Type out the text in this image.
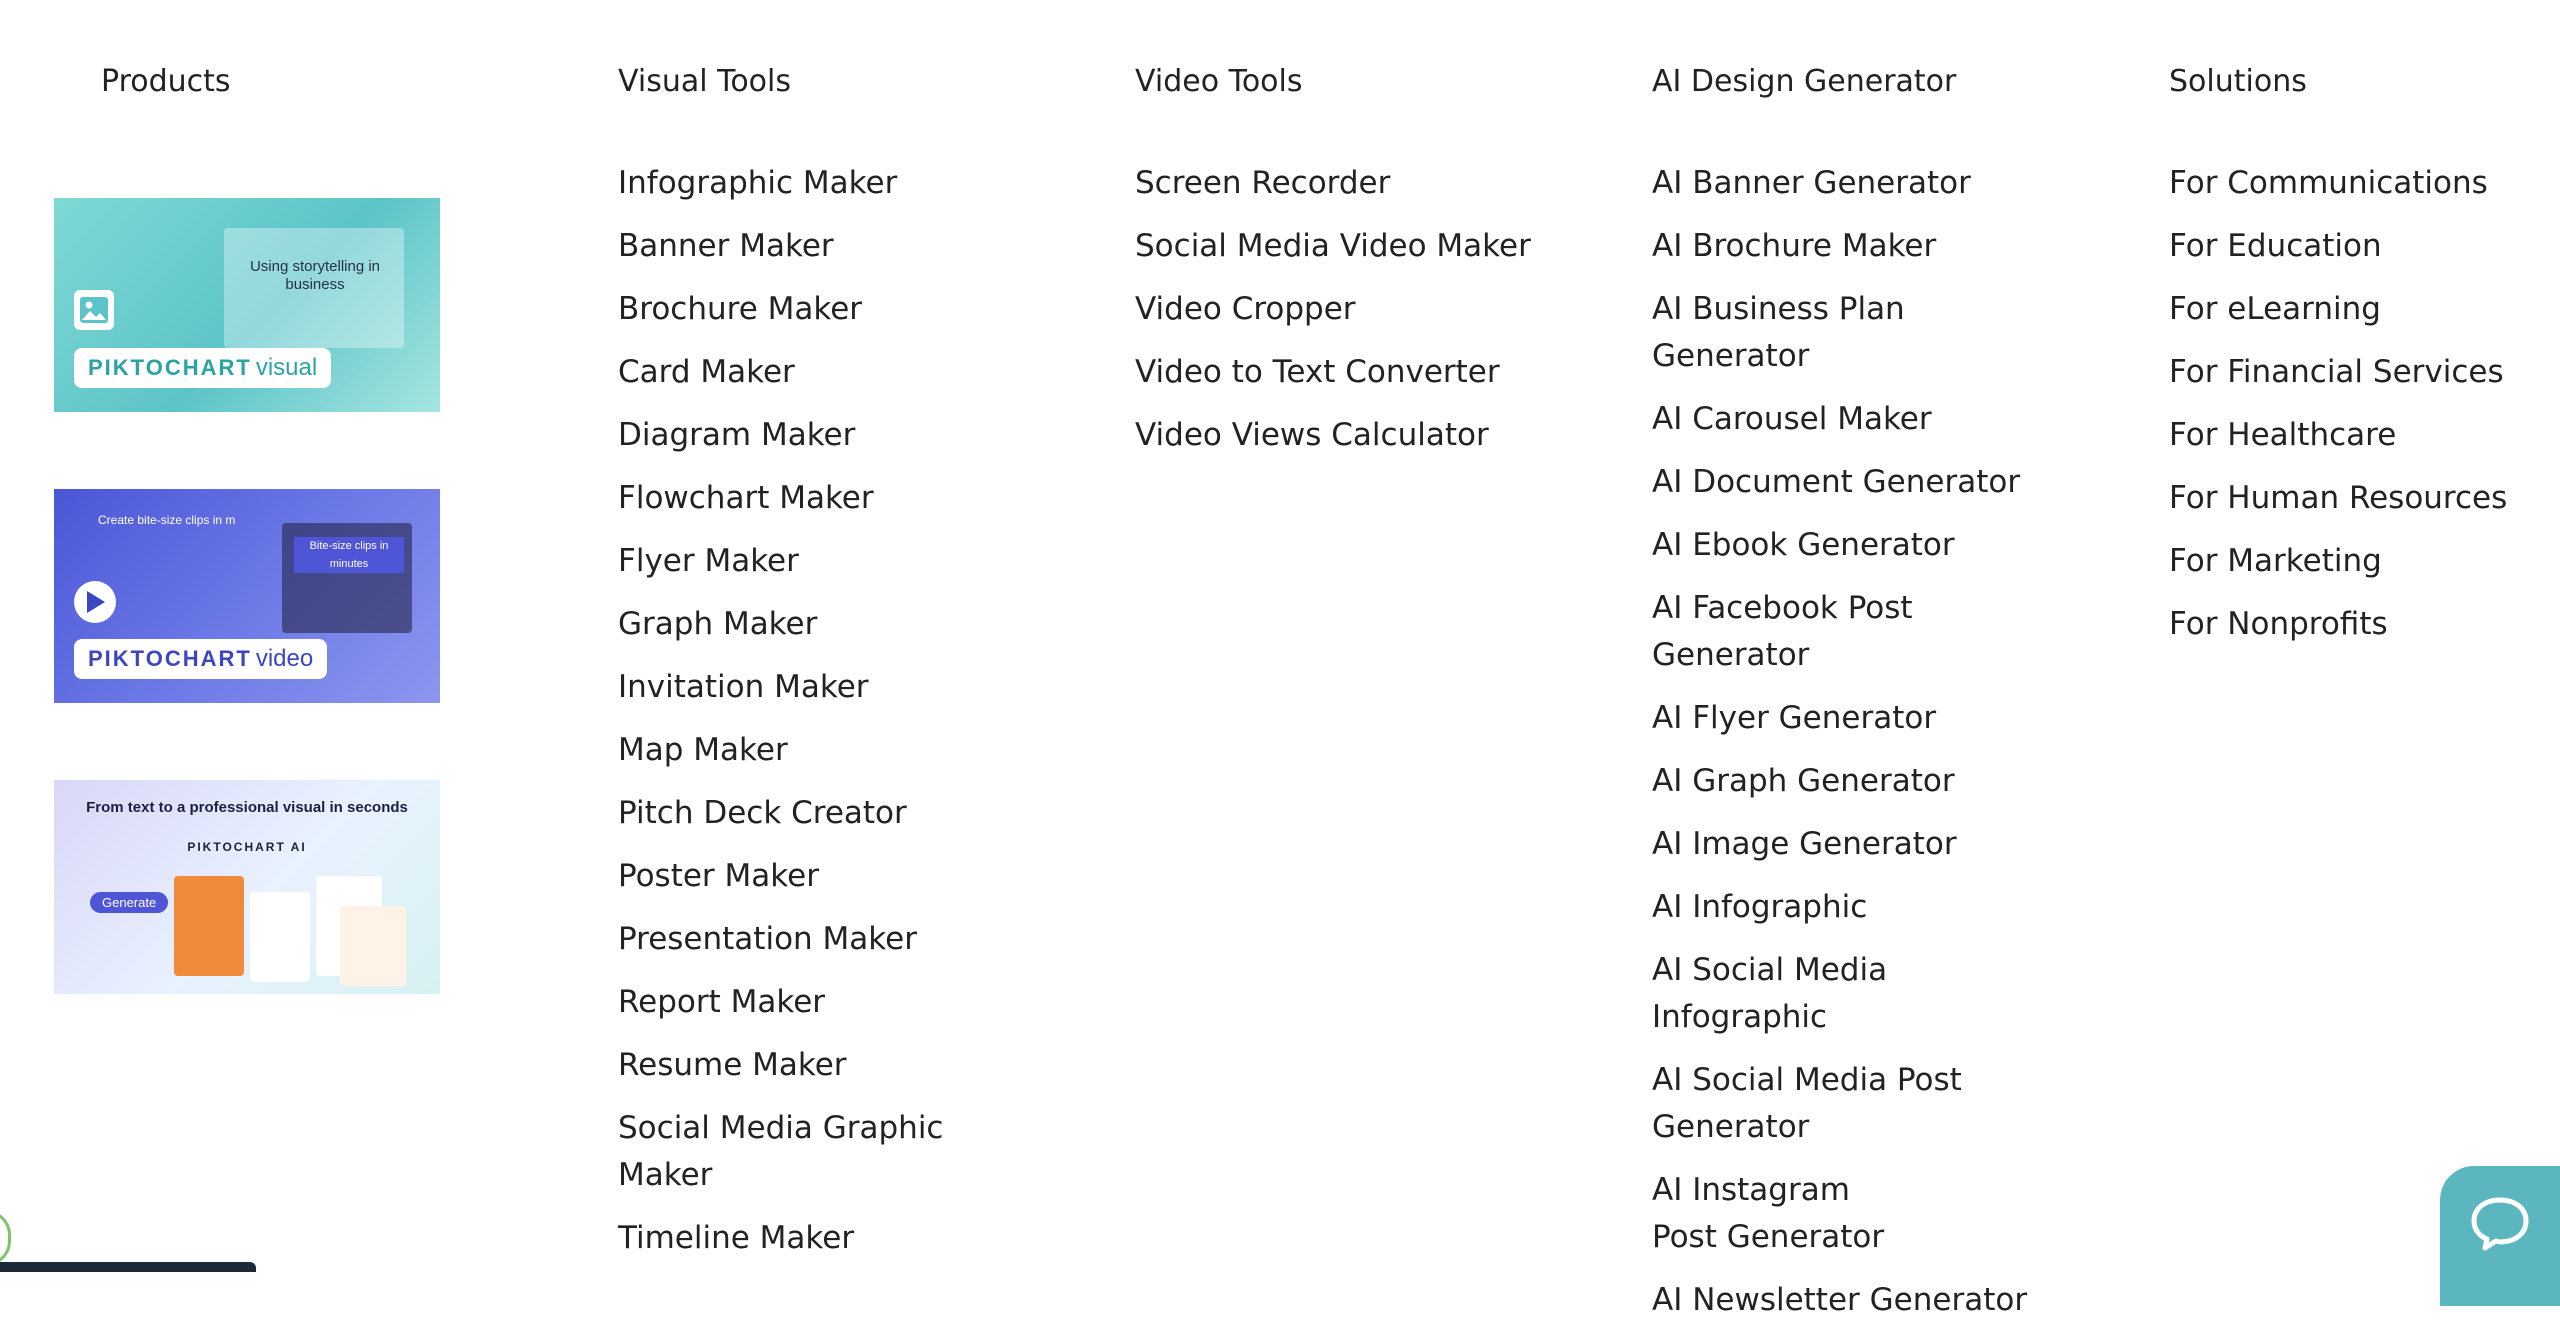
Products
Using storytelling in business
PIKTOCHART visual
Create bite-size clips in m
Bite-size clips in minutes
PIKTOCHART video
From text to a professional visual in seconds
PIKTOCHART AI
Generate
Visual Tools
Infographic Maker
Banner Maker
Brochure Maker
Card Maker
Diagram Maker
Flowchart Maker
Flyer Maker
Graph Maker
Invitation Maker
Map Maker
Pitch Deck Creator
Poster Maker
Presentation Maker
Report Maker
Resume Maker
Social Media Graphic Maker
Timeline Maker
Video Tools
Screen Recorder
Social Media Video Maker
Video Cropper
Video to Text Converter
Video Views Calculator
AI Design Generator
AI Banner Generator
AI Brochure Maker
AI Business Plan Generator
AI Carousel Maker
AI Document Generator
AI Ebook Generator
AI Facebook Post Generator
AI Flyer Generator
AI Graph Generator
AI Image Generator
AI Infographic
AI Social Media Infographic
AI Social Media Post Generator
AI Instagram Post Generator
AI Newsletter Generator
Solutions
For Communications
For Education
For eLearning
For Financial Services
For Healthcare
For Human Resources
For Marketing
For Nonprofits
